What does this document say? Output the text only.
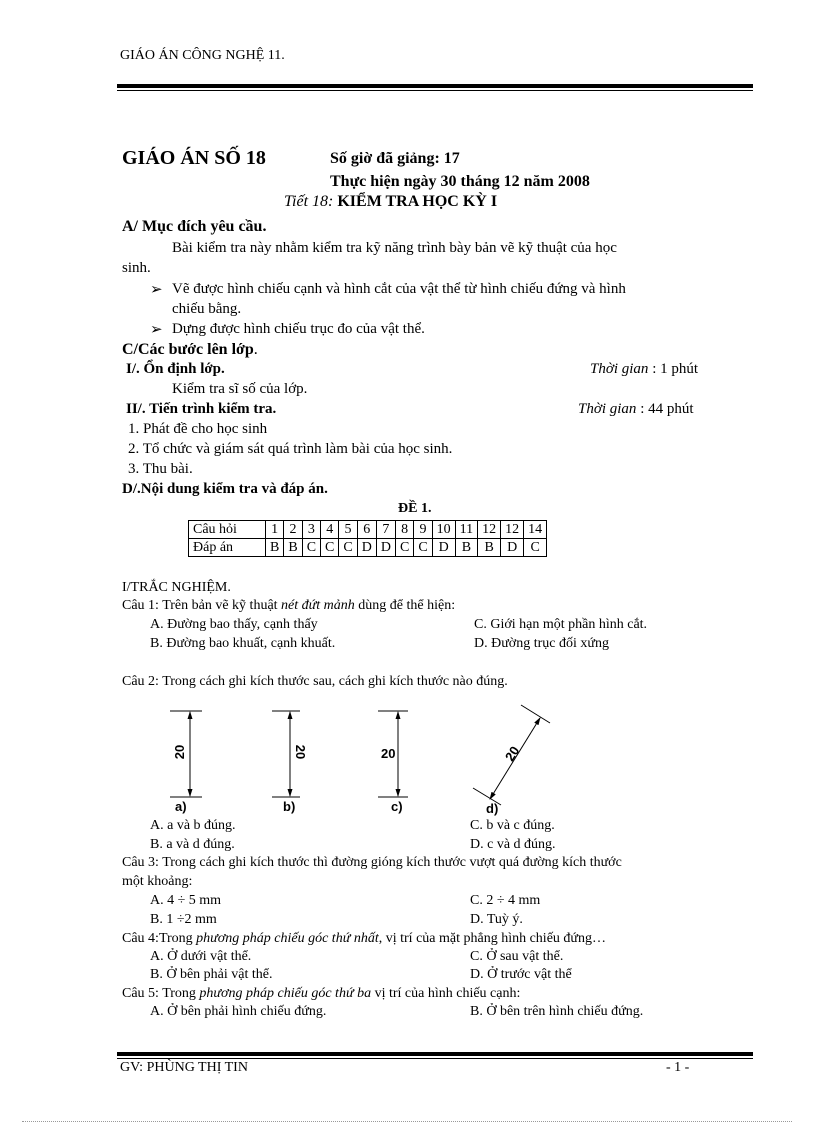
GIÁO ÁN CÔNG NGHỆ 11.
GIÁO ÁN SỐ 18	Số giờ đã giảng: 17
Thực hiện ngày 30 tháng 12 năm 2008
Tiết 18: KIỂM TRA HỌC KỲ I
A/ Mục đích yêu cầu.
Bài kiểm tra này nhằm kiểm tra kỹ năng trình bày bản vẽ kỹ thuật của học
sinh.
➢ Vẽ được hình chiếu cạnh và hình cắt của vật thể từ hình chiếu đứng và hình
chiếu bằng.
➢ Dựng được hình chiếu trục đo của vật thể.
C/Các bước lên lớp.
I/. Ổn định lớp.	Thời gian : 1 phút
Kiểm tra sĩ số của lớp.
II/. Tiến trình kiểm tra.	Thời gian : 44 phút
1. Phát đề cho học sinh
2. Tổ chức và giám sát quá trình làm bài của học sinh.
3. Thu bài.
D/.Nội dung kiểm tra và đáp án.
ĐỀ 1.
Câu hỏi	1	2	3	4	5	6	7	8	9	10	11	12	12	14
Đáp án	B	B	C	C	C	D	D	C	C	D	B	B	D	C
I/TRẮC NGHIỆM.
Câu 1: Trên bản vẽ kỹ thuật nét đứt mảnh dùng để thể hiện:
A. Đường bao thấy, cạnh thấy	C. Giới hạn một phần hình cắt.
B. Đường bao khuất, cạnh khuất.	D. Đường trục đối xứng
Câu 2: Trong cách ghi kích thước sau, cách ghi kích thước nào đúng.
20
a)
20
b)
20
c)
20
d)
A. a và b đúng.	C. b và c đúng.
B. a và d đúng.	D. c và d đúng.
Câu 3: Trong cách ghi kích thước thì đường gióng kích thước vượt quá đường kích thước
một khoảng:
A. 4 ÷ 5 mm	C. 2 ÷ 4 mm
B. 1 ÷2 mm	D. Tuỳ ý.
Câu 4:Trong phương pháp chiếu góc thứ nhất, vị trí của mặt phẳng hình chiếu đứng…
A. Ở dưới vật thể.	C. Ở sau vật thể.
B. Ở bên phải vật thể.	D. Ở trước vật thể
Câu 5: Trong phương pháp chiếu góc thứ ba vị trí của hình chiếu cạnh:
A. Ở bên phải hình chiếu đứng.	B. Ở bên trên hình chiếu đứng.
GV: PHÙNG THỊ TIN	- 1 -
